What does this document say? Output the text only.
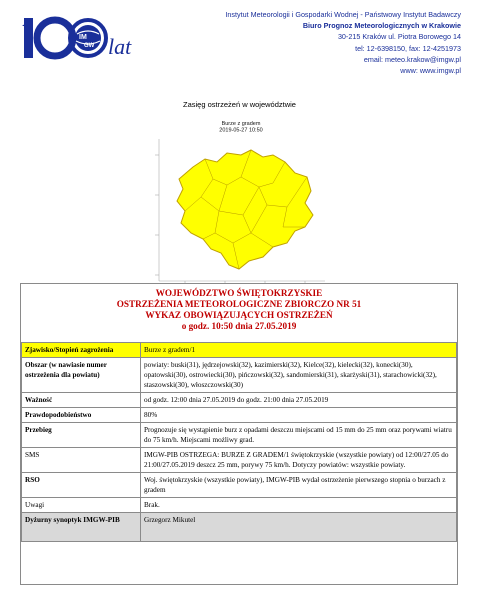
IM
GW lat
Instytut Meteorologii i Gospodarki Wodnej - Państwowy Instytut Badawczy
Biuro Prognoz Meteorologicznych w Krakowie
30-215 Kraków ul. Piotra Borowego 14
tel: 12-6398150, fax: 12-4251973
email: meteo.krakow@imgw.pl
www: www.imgw.pl
Zasięg ostrzeżeń w województwie
Burze z gradem
2019-05-27 10:50
WOJEWÓDZTWO ŚWIĘTOKRZYSKIE
OSTRZEŻENIA METEOROLOGICZNE ZBIORCZO NR 51
WYKAZ OBOWIĄZUJĄCYCH OSTRZEŻEŃ
o godz. 10:50 dnia 27.05.2019
Zjawisko/Stopień zagrożenia	Burze z gradem/1
Obszar (w nawiasie numer ostrzeżenia dla powiatu)	powiaty: buski(31), jędrzejowski(32), kazimierski(32), Kielce(32), kielecki(32), konecki(30), opatowski(30), ostrowiecki(30), pińczowski(32), sandomierski(31), skarżyski(31), starachowicki(32), staszowski(30), włoszczowski(30)
Ważność	od godz. 12:00 dnia 27.05.2019 do godz. 21:00 dnia 27.05.2019
Prawdopodobieństwo	80%
Przebieg	Prognozuje się wystąpienie burz z opadami deszczu miejscami od 15 mm do 25 mm oraz porywami wiatru do 75 km/h. Miejscami możliwy grad.
SMS	IMGW-PIB OSTRZEGA: BURZE Z GRADEM/1 świętokrzyskie (wszystkie powiaty) od 12:00/27.05 do 21:00/27.05.2019 deszcz 25 mm, porywy 75 km/h. Dotyczy powiatów: wszystkie powiaty.
RSO	Woj. świętokrzyskie (wszystkie powiaty), IMGW-PIB wydał ostrzeżenie pierwszego stopnia o burzach z gradem
Uwagi	Brak.
Dyżurny synoptyk IMGW-PIB	Grzegorz Mikutel
